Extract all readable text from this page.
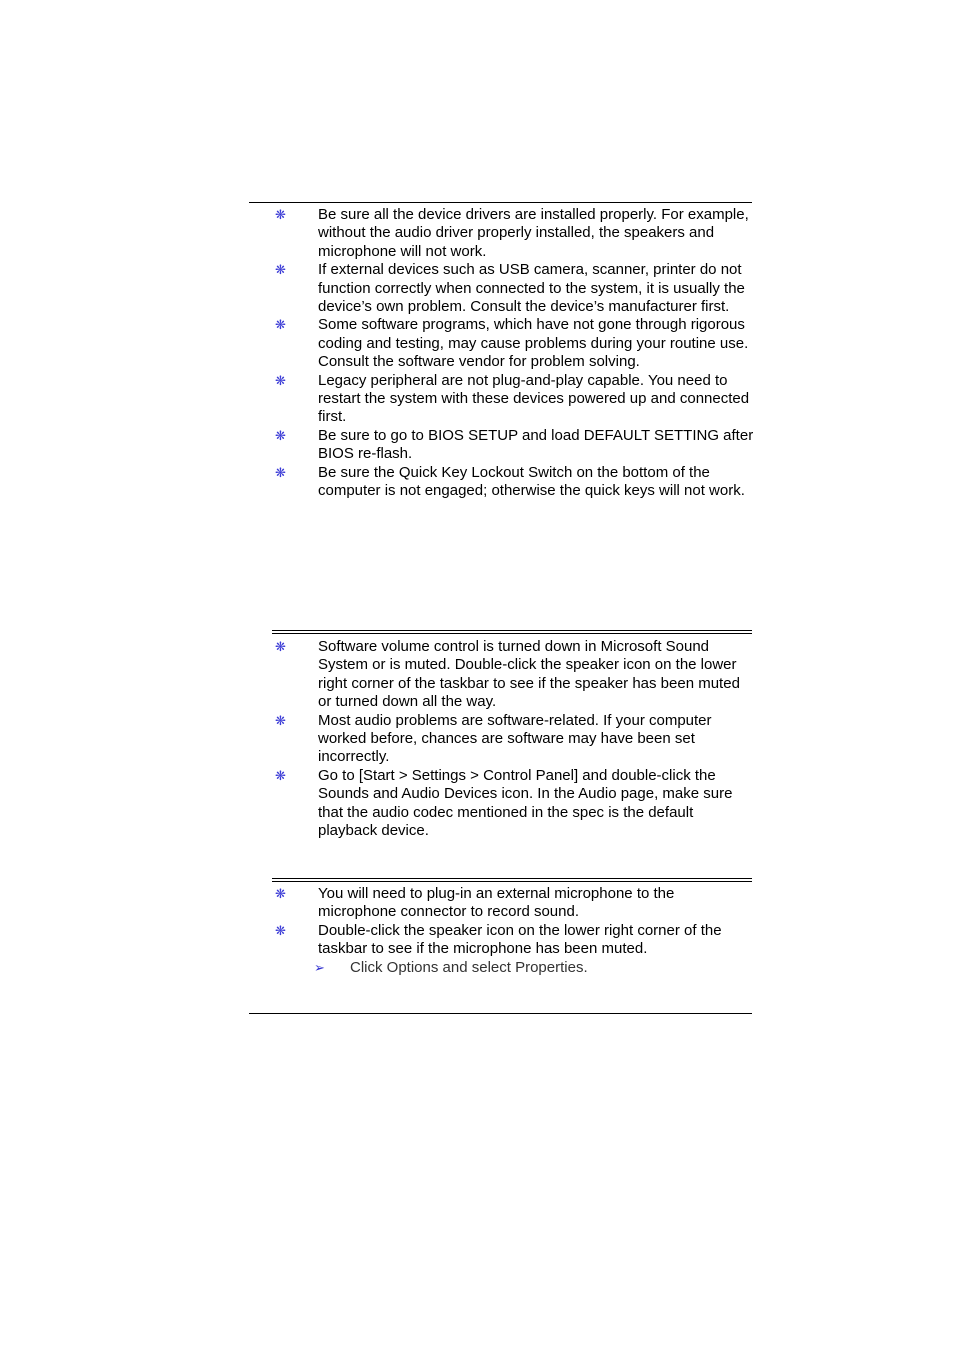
❋ Be sure all the device drivers are installed properly. For example, without the audio driver properly installed, the speakers and microphone will not work.
❋ If external devices such as USB camera, scanner, printer do not function correctly when connected to the system, it is usually the device’s own problem. Consult the device’s manufacturer first.
❋ Some software programs, which have not gone through rigorous coding and testing, may cause problems during your routine use. Consult the software vendor for problem solving.
❋ Legacy peripheral are not plug-and-play capable. You need to restart the system with these devices powered up and connected first.
❋ Be sure to go to BIOS SETUP and load DEFAULT SETTING after BIOS re-flash.
❋ Be sure the Quick Key Lockout Switch on the bottom of the computer is not engaged; otherwise the quick keys will not work.
❋ Software volume control is turned down in Microsoft Sound System or is muted. Double-click the speaker icon on the lower right corner of the taskbar to see if the speaker has been muted or turned down all the way.
❋ Most audio problems are software-related. If your computer worked before, chances are software may have been set incorrectly.
❋ Go to [Start > Settings > Control Panel] and double-click the Sounds and Audio Devices icon. In the Audio page, make sure that the audio codec mentioned in the spec is the default playback device.
❋ You will need to plug-in an external microphone to the microphone connector to record sound.
❋ Double-click the speaker icon on the lower right corner of the taskbar to see if the microphone has been muted.
➢ Click Options and select Properties.
